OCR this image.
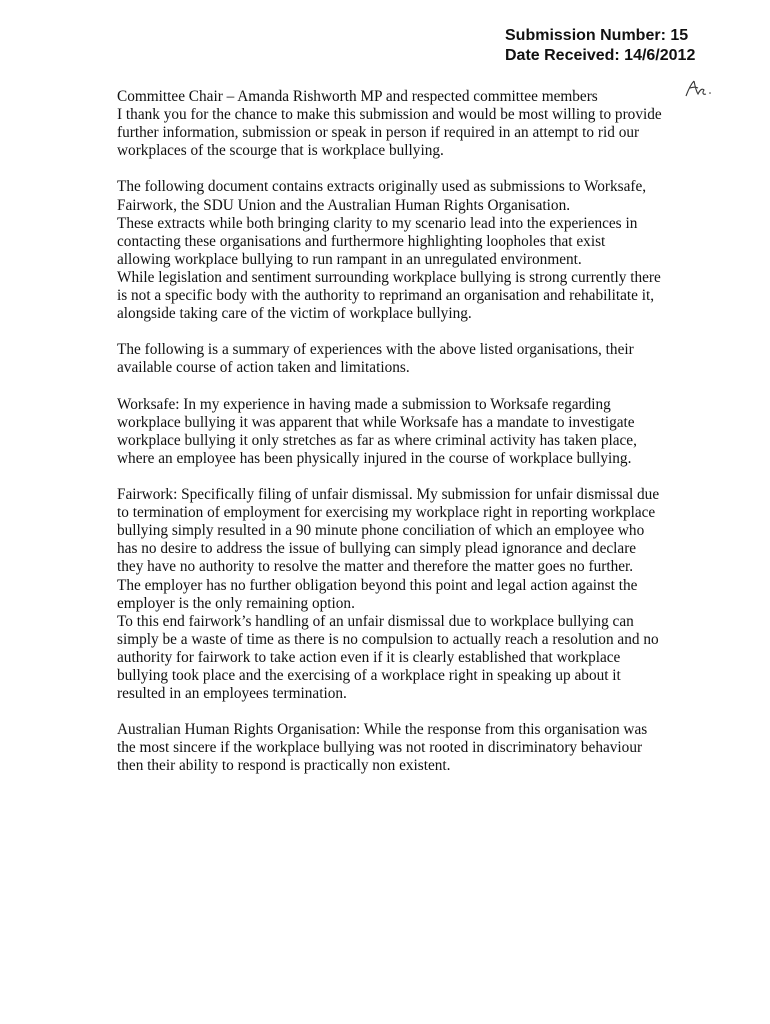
Submission Number: 15
Date Received: 14/6/2012

Committee Chair – Amanda Rishworth MP and respected committee members

I thank you for the chance to make this submission and would be most willing to provide further information, submission or speak in person if required in an attempt to rid our workplaces of the scourge that is workplace bullying.

The following document contains extracts originally used as submissions to Worksafe, Fairwork, the SDU Union and the Australian Human Rights Organisation.

These extracts while both bringing clarity to my scenario lead into the experiences in contacting these organisations and furthermore highlighting loopholes that exist allowing workplace bullying to run rampant in an unregulated environment.

While legislation and sentiment surrounding workplace bullying is strong currently there is not a specific body with the authority to reprimand an organisation and rehabilitate it, alongside taking care of the victim of workplace bullying.

The following is a summary of experiences with the above listed organisations, their available course of action taken and limitations.

Worksafe: In my experience in having made a submission to Worksafe regarding workplace bullying it was apparent that while Worksafe has a mandate to investigate workplace bullying it only stretches as far as where criminal activity has taken place, where an employee has been physically injured in the course of workplace bullying.

Fairwork: Specifically filing of unfair dismissal. My submission for unfair dismissal due to termination of employment for exercising my workplace right in reporting workplace bullying simply resulted in a 90 minute phone conciliation of which an employee who has no desire to address the issue of bullying can simply plead ignorance and declare they have no authority to resolve the matter and therefore the matter goes no further.

The employer has no further obligation beyond this point and legal action against the employer is the only remaining option.

To this end fairwork’s handling of an unfair dismissal due to workplace bullying can simply be a waste of time as there is no compulsion to actually reach a resolution and no authority for fairwork to take action even if it is clearly established that workplace bullying took place and the exercising of a workplace right in speaking up about it resulted in an employees termination.

Australian Human Rights Organisation: While the response from this organisation was the most sincere if the workplace bullying was not rooted in discriminatory behaviour then their ability to respond is practically non existent.
